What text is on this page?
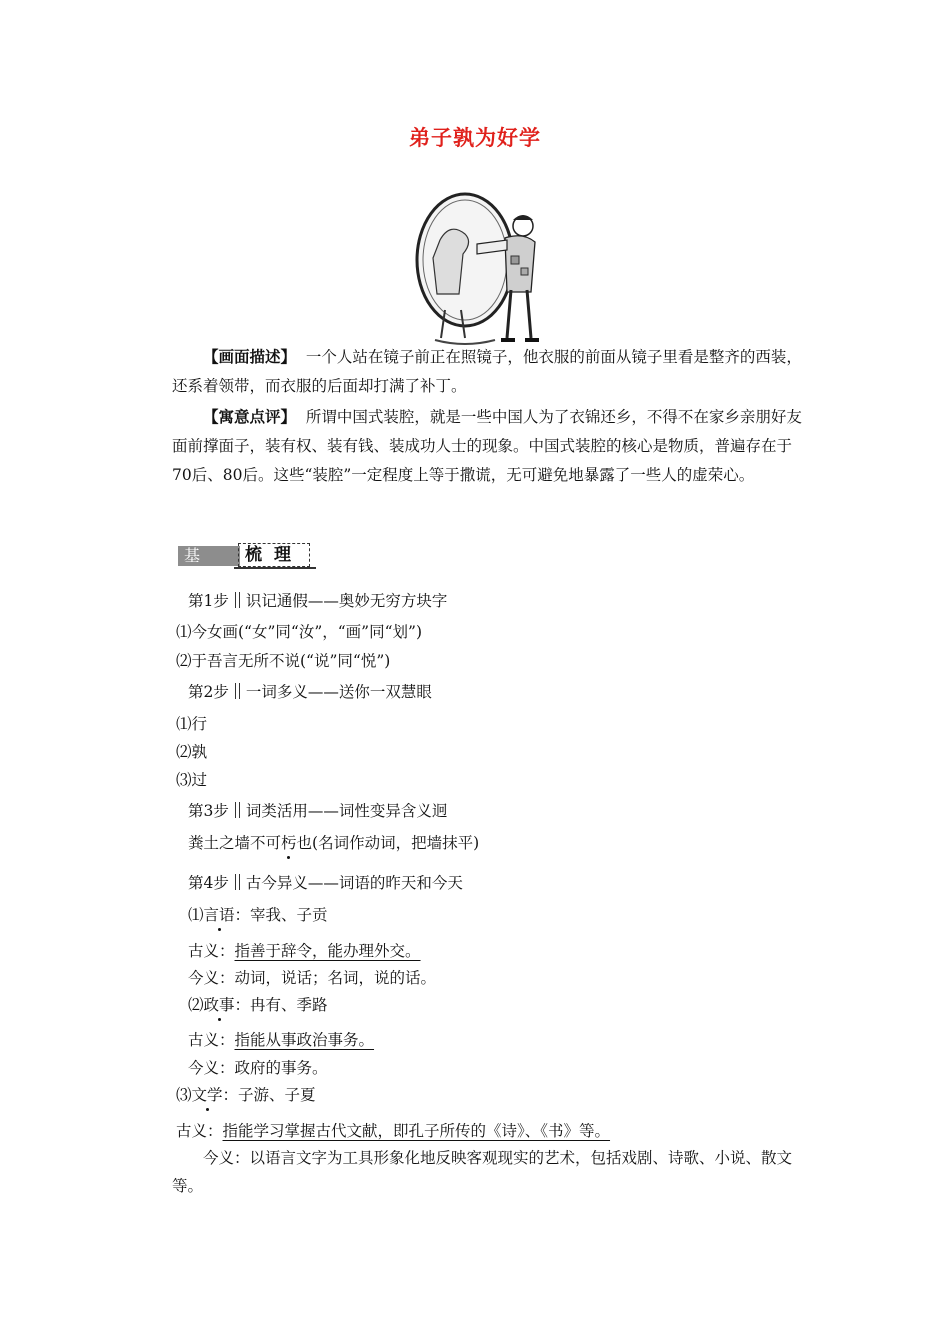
弟子孰为好学

【画面描述】 一个人站在镜子前正在照镜子，他衣服的前面从镜子里看是整齐的西装，还系着领带，而衣服的后面却打满了补丁。

【寓意点评】 所谓中国式装腔，就是一些中国人为了衣锦还乡，不得不在家乡亲朋好友面前撑面子，装有权、装有钱、装成功人士的现象。中国式装腔的核心是物质，普遍存在于70后、80后。这些“装腔”一定程度上等于撒谎，无可避免地暴露了一些人的虚荣心。

基础
梳理
第1步 识记通假——奥妙无穷方块字
⑴今女画(“女”同“汝”，“画”同“划”)
⑵于吾言无所不说(“说”同“悦”)
第2步 一词多义——送你一双慧眼
⑴行
⑵孰
⑶过
第3步 词类活用——词性变异含义迥
粪土之墙不可杇也(名词作动词，把墙抹平)
第4步 古今异义——词语的昨天和今天
⑴言语：宰我、子贡
古义：指善于辞令，能办理外交。
今义：动词，说话；名词，说的话。
⑵政事：冉有、季路
古义：指能从事政治事务。
今义：政府的事务。
⑶文学：子游、子夏
古义：指能学习掌握古代文献，即孔子所传的《诗》、《书》等。

今义：以语言文字为工具形象化地反映客观现实的艺术，包括戏剧、诗歌、小说、散文等。
